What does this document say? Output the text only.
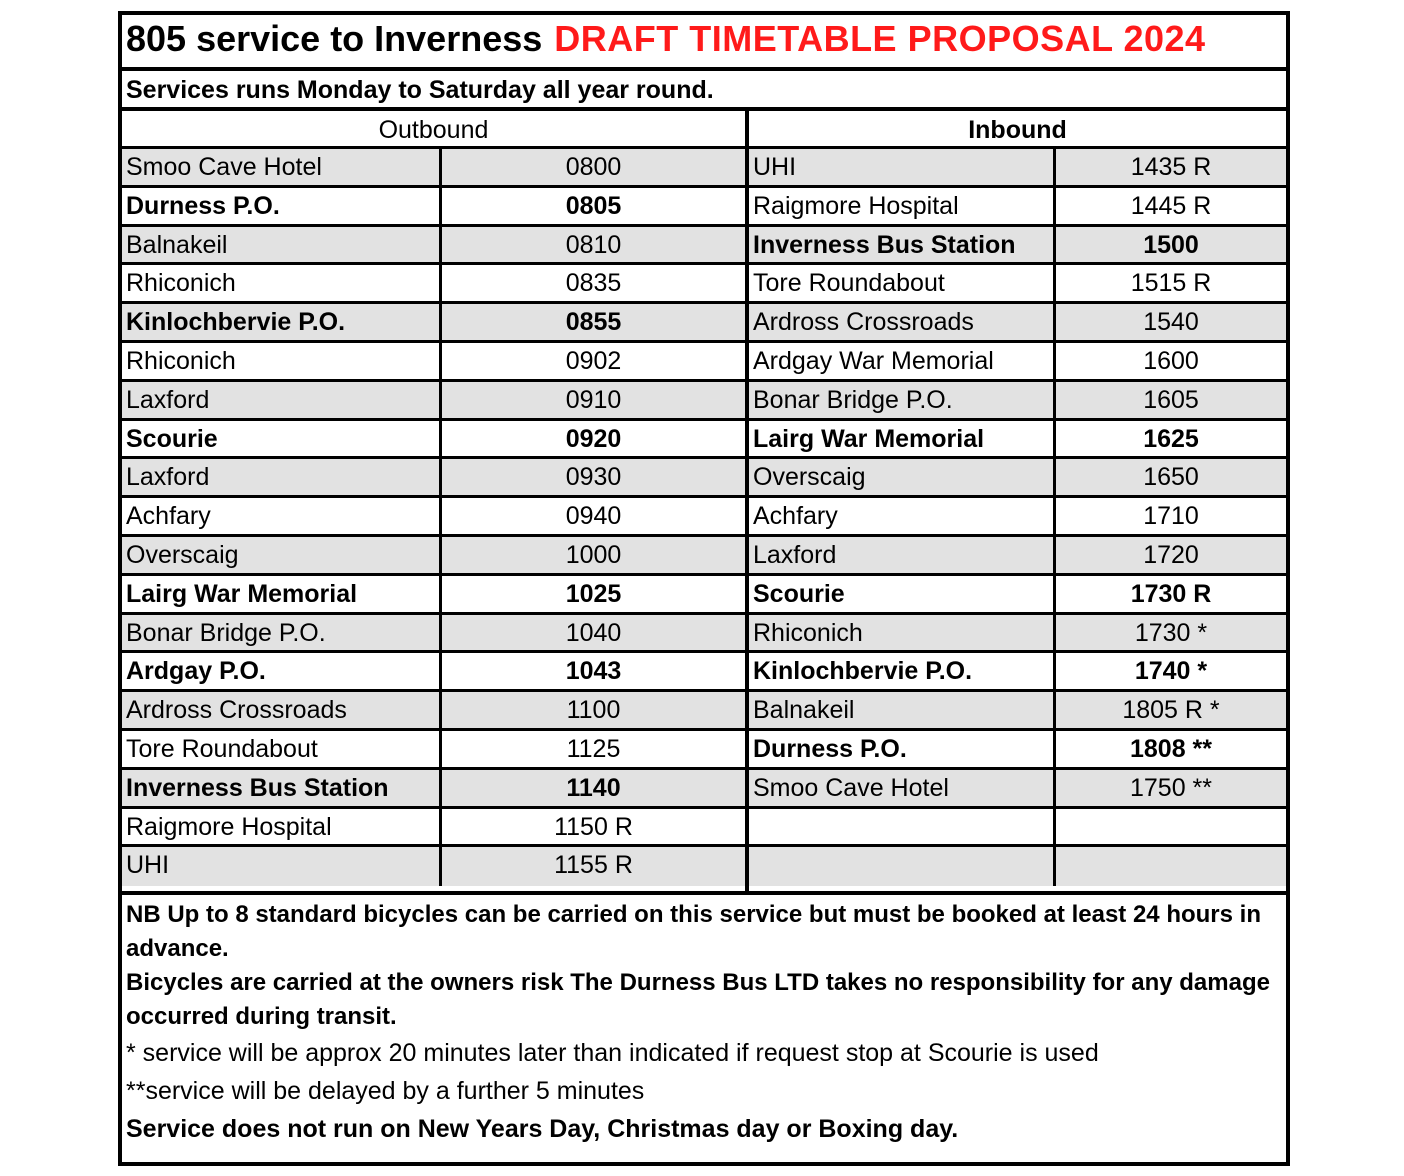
805 service to Inverness DRAFT TIMETABLE PROPOSAL 2024
Services runs Monday to Saturday all year round.
Outbound
Smoo Cave Hotel	0800
Durness P.O.	0805
Balnakeil	0810
Rhiconich	0835
Kinlochbervie P.O.	0855
Rhiconich	0902
Laxford	0910
Scourie	0920
Laxford	0930
Achfary	0940
Overscaig	1000
Lairg War Memorial	1025
Bonar Bridge P.O.	1040
Ardgay P.O.	1043
Ardross Crossroads	1100
Tore Roundabout	1125
Inverness Bus Station	1140
Raigmore Hospital	1150 R
UHI	1155 R
Inbound
UHI	1435 R
Raigmore Hospital	1445 R
Inverness Bus Station	1500
Tore Roundabout	1515 R
Ardross Crossroads	1540
Ardgay War Memorial	1600
Bonar Bridge P.O.	1605
Lairg War Memorial	1625
Overscaig	1650
Achfary	1710
Laxford	1720
Scourie	1730 R
Rhiconich	1730 *
Kinlochbervie P.O.	1740 *
Balnakeil	1805 R *
Durness P.O.	1808 **
Smoo Cave Hotel	1750 **
NB Up to 8 standard bicycles can be carried on this service but must be booked at least 24 hours in advance.
Bicycles are carried at the owners risk The Durness Bus LTD takes no responsibility for any damage occurred during transit.
* service will be approx 20 minutes later than indicated if request stop at Scourie is used
**service will be delayed by a further 5 minutes
Service does not run on New Years Day, Christmas day or Boxing day.
